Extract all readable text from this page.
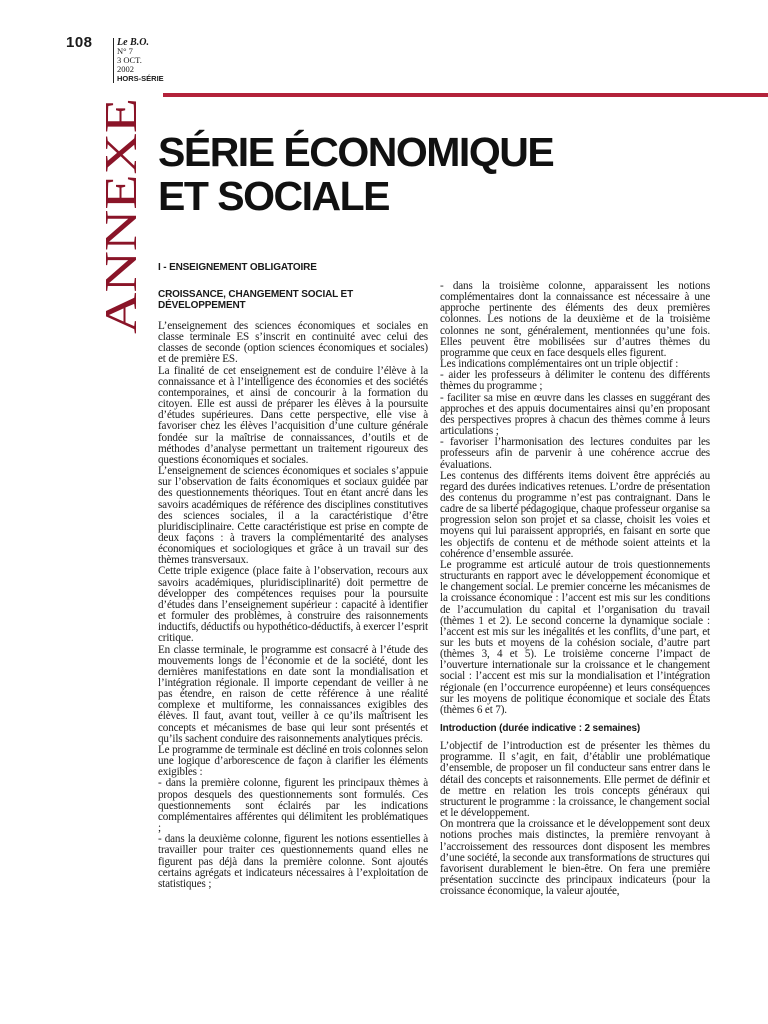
108 Le B.O.
N° 7
3 OCT.
2002
HORS-SÉRIE
ANNEXE SÉRIE ÉCONOMIQUE
ET SOCIALE
I - ENSEIGNEMENT OBLIGATOIRE
CROISSANCE, CHANGEMENT SOCIAL ET DÉVELOPPEMENT

L’enseignement des sciences économiques et sociales en classe terminale ES s’inscrit en continuité avec celui des classes de seconde (option sciences économiques et sociales) et de première ES.

La finalité de cet enseignement est de conduire l’élève à la connaissance et à l’intelligence des économies et des sociétés contemporaines, et ainsi de concourir à la formation du citoyen. Elle est aussi de préparer les élèves à la poursuite d’études supérieures. Dans cette perspective, elle vise à favoriser chez les élèves l’acquisition d’une culture générale fondée sur la maîtrise de connaissances, d’outils et de méthodes d’analyse permettant un traitement rigoureux des questions économiques et sociales.

L’enseignement de sciences économiques et sociales s’appuie sur l’observation de faits économiques et sociaux guidée par des questionnements théoriques. Tout en étant ancré dans les savoirs académiques de référence des disciplines constitutives des sciences sociales, il a la caractéristique d’être pluridisciplinaire. Cette caractéristique est prise en compte de deux façons : à travers la complémentarité des analyses économiques et sociologiques et grâce à un travail sur des thèmes transversaux.

Cette triple exigence (place faite à l’observation, recours aux savoirs académiques, pluridisciplinarité) doit permettre de développer des compétences requises pour la poursuite d’études dans l’enseignement supérieur : capacité à identifier et formuler des problèmes, à construire des raisonnements inductifs, déductifs ou hypothético-déductifs, à exercer l’esprit critique.

En classe terminale, le programme est consacré à l’étude des mouvements longs de l’économie et de la société, dont les dernières manifestations en date sont la mondialisation et l’intégration régionale. Il importe cependant de veiller à ne pas étendre, en raison de cette référence à une réalité complexe et multiforme, les connaissances exigibles des élèves. Il faut, avant tout, veiller à ce qu’ils maîtrisent les concepts et mécanismes de base qui leur sont présentés et qu’ils sachent conduire des raisonnements analytiques précis.

Le programme de terminale est décliné en trois colonnes selon une logique d’arborescence de façon à clarifier les éléments exigibles :

- dans la première colonne, figurent les principaux thèmes à propos desquels des questionnements sont formulés. Ces questionnements sont éclairés par les indications complémentaires afférentes qui délimitent les problématiques ;

- dans la deuxième colonne, figurent les notions essentielles à travailler pour traiter ces questionnements quand elles ne figurent pas déjà dans la première colonne. Sont ajoutés certains agrégats et indicateurs nécessaires à l’exploitation de statistiques ;

- dans la troisième colonne, apparaissent les notions complémentaires dont la connaissance est nécessaire à une approche pertinente des éléments des deux premières colonnes. Les notions de la deuxième et de la troisième colonnes ne sont, généralement, mentionnées qu’une fois. Elles peuvent être mobilisées sur d’autres thèmes du programme que ceux en face desquels elles figurent.

Les indications complémentaires ont un triple objectif :

- aider les professeurs à délimiter le contenu des différents thèmes du programme ;

- faciliter sa mise en œuvre dans les classes en suggérant des approches et des appuis documentaires ainsi qu’en proposant des perspectives propres à chacun des thèmes comme à leurs articulations ;

- favoriser l’harmonisation des lectures conduites par les professeurs afin de parvenir à une cohérence accrue des évaluations.

Les contenus des différents items doivent être appréciés au regard des durées indicatives retenues. L’ordre de présentation des contenus du programme n’est pas contraignant. Dans le cadre de sa liberté pédagogique, chaque professeur organise sa progression selon son projet et sa classe, choisit les voies et moyens qui lui paraissent appropriés, en faisant en sorte que les objectifs de contenu et de méthode soient atteints et la cohérence d’ensemble assurée.

Le programme est articulé autour de trois questionnements structurants en rapport avec le développement économique et le changement social. Le premier concerne les mécanismes de la croissance économique : l’accent est mis sur les conditions de l’accumulation du capital et l’organisation du travail (thèmes 1 et 2). Le second concerne la dynamique sociale : l’accent est mis sur les inégalités et les conflits, d’une part, et sur les buts et moyens de la cohésion sociale, d’autre part (thèmes 3, 4 et 5). Le troisième concerne l’impact de l’ouverture internationale sur la croissance et le changement social : l’accent est mis sur la mondialisation et l’intégration régionale (en l’occurrence européenne) et leurs conséquences sur les moyens de politique économique et sociale des États (thèmes 6 et 7).

Introduction (durée indicative : 2 semaines)

L’objectif de l’introduction est de présenter les thèmes du programme. Il s’agit, en fait, d’établir une problématique d’ensemble, de proposer un fil conducteur sans entrer dans le détail des concepts et raisonnements. Elle permet de définir et de mettre en relation les trois concepts généraux qui structurent le programme : la croissance, le changement social et le développement.

On montrera que la croissance et le développement sont deux notions proches mais distinctes, la première renvoyant à l’accroissement des ressources dont disposent les membres d’une société, la seconde aux transformations de structures qui favorisent durablement le bien-être. On fera une première présentation succincte des principaux indicateurs (pour la croissance économique, la valeur ajoutée,
